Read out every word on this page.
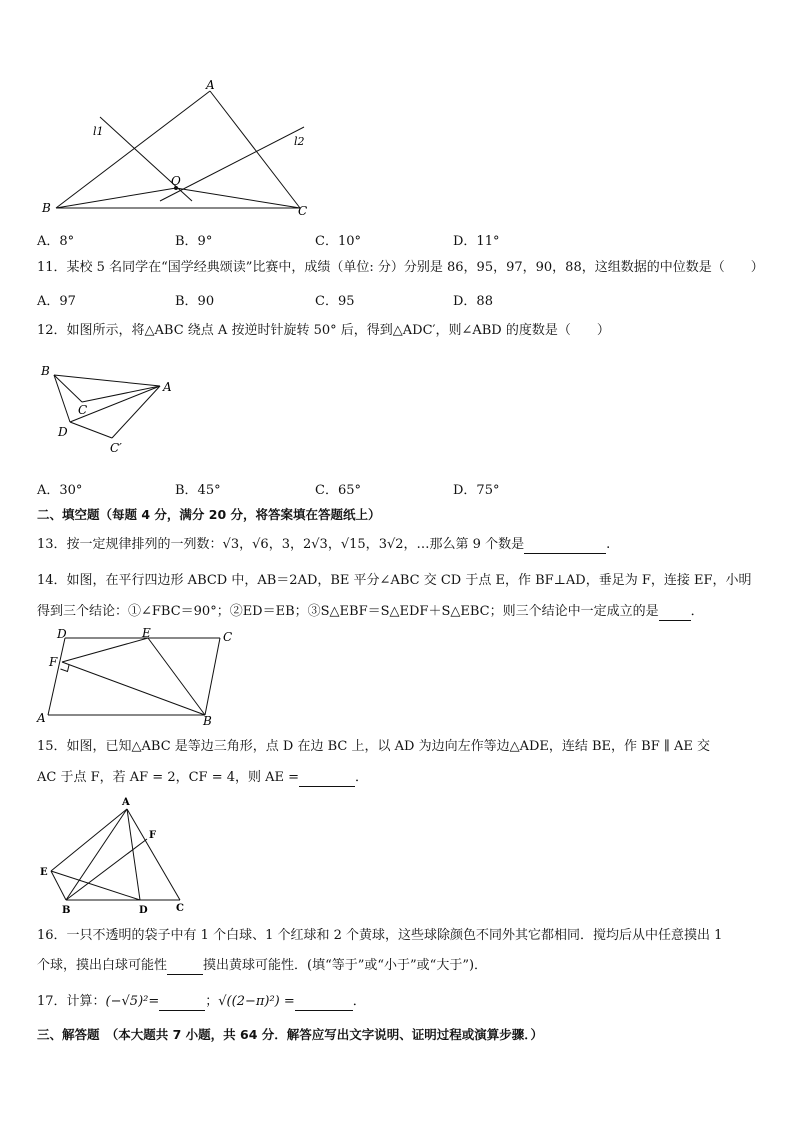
A
B	C
O
l1
l2
A．8°	B．9°	C．10°	D．11°
11．某校 5 名同学在“国学经典颂读”比赛中，成绩（单位: 分）分别是 86，95，97，90，88，这组数据的中位数是（　　）
A．97	B．90	C．95	D．88
12．如图所示，将△ABC 绕点 A 按逆时针旋转 50° 后，得到△ADC′，则∠ABD 的度数是（　　）
B
A
C
D
C′
A．30°	B．45°	C．65°	D．75°
二、填空题（每题 4 分，满分 20 分，将答案填在答题纸上）
13．按一定规律排列的一列数：√3，√6，3，2√3，√15，3√2，…那么第 9 个数是	.
14．如图，在平行四边形 ABCD 中，AB＝2AD，BE 平分∠ABC 交 CD 于点 E，作 BF⊥AD，垂足为 F，连接 EF，小明
得到三个结论：①∠FBC＝90°；②ED＝EB；③S△EBF＝S△EDF＋S△EBC；则三个结论中一定成立的是 ．
D	E	C
F
A	B
15．如图，已知△ABC 是等边三角形，点 D 在边 BC 上，以 AD 为边向左作等边△ADE，连结 BE，作 BF ∥ AE 交
AC 于点 F，若 AF = 2，CF = 4，则 AE =	．
A
F
E
B	D	C
16．一只不透明的袋子中有 1 个白球、1 个红球和 2 个黄球，这些球除颜色不同外其它都相同．搅均后从中任意摸出 1
个球，摸出白球可能性	摸出黄球可能性．(填“等于”或“小于”或“大于”)．
17．计算：(−√5)²=	；√((2−π)²) =	．
三、解答题　（本大题共 7 小题，共 64 分．解答应写出文字说明、证明过程或演算步骤．）
